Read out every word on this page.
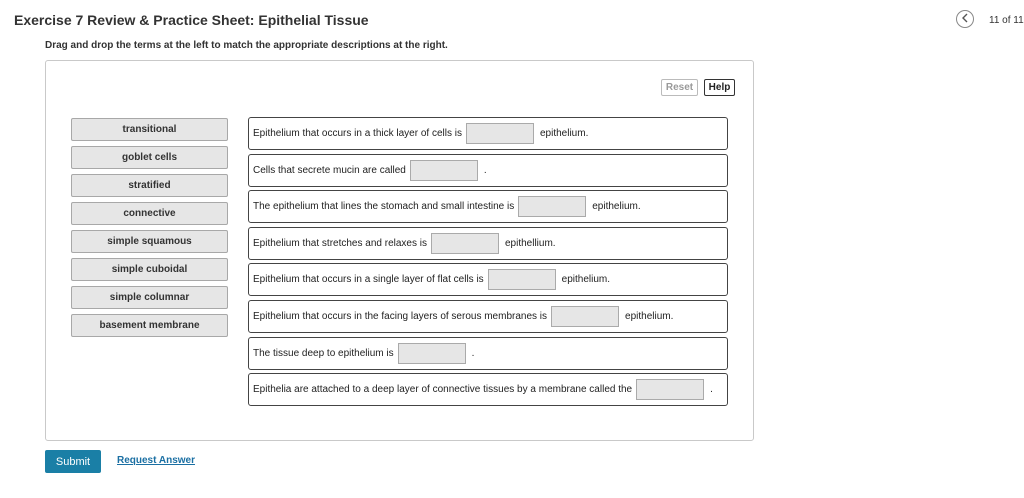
Exercise 7 Review & Practice Sheet: Epithelial Tissue	11 of 11
Drag and drop the terms at the left to match the appropriate descriptions at the right.
Reset	Help
transitional
goblet cells
stratified
connective
simple squamous
simple cuboidal
simple columnar
basement membrane
Epithelium that occurs in a thick layer of cells is	epithelium.
Cells that secrete mucin are called	.
The epithelium that lines the stomach and small intestine is	epithelium.
Epithelium that stretches and relaxes is	epithellium.
Epithelium that occurs in a single layer of flat cells is	epithelium.
Epithelium that occurs in the facing layers of serous membranes is	epithelium.
The tissue deep to epithelium is	.
Epithelia are attached to a deep layer of connective tissues by a membrane called the	.
Submit	Request Answer
